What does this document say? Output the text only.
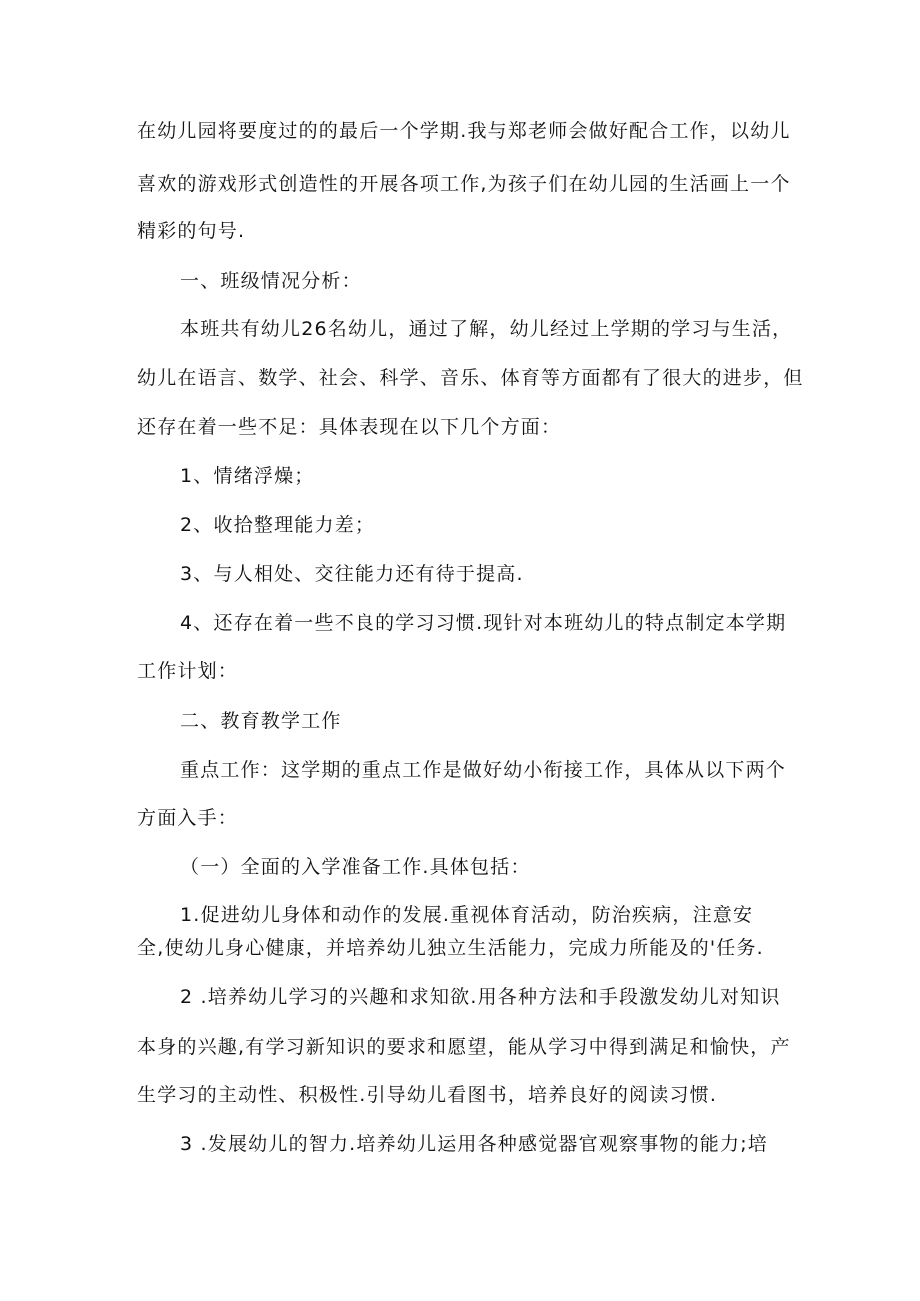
在幼儿园将要度过的的最后一个学期.我与郑老师会做好配合工作，以幼儿
喜欢的游戏形式创造性的开展各项工作,为孩子们在幼儿园的生活画上一个
精彩的句号.
一、班级情况分析：
本班共有幼儿26名幼儿，通过了解，幼儿经过上学期的学习与生活，
幼儿在语言、数学、社会、科学、音乐、体育等方面都有了很大的进步，但
还存在着一些不足：具体表现在以下几个方面：
1、情绪浮燥；
2、收拾整理能力差；
3、与人相处、交往能力还有待于提高.
4、还存在着一些不良的学习习惯.现针对本班幼儿的特点制定本学期
工作计划：
二、教育教学工作
重点工作：这学期的重点工作是做好幼小衔接工作，具体从以下两个
方面入手：
（一）全面的入学准备工作.具体包括：
1.促进幼儿身体和动作的发展.重视体育活动，防治疾病，注意安
全,使幼儿身心健康，并培养幼儿独立生活能力，完成力所能及的'任务.
2 .培养幼儿学习的兴趣和求知欲.用各种方法和手段激发幼儿对知识
本身的兴趣,有学习新知识的要求和愿望，能从学习中得到满足和愉快，产
生学习的主动性、积极性.引导幼儿看图书，培养良好的阅读习惯.
3 .发展幼儿的智力.培养幼儿运用各种感觉器官观察事物的能力;培
